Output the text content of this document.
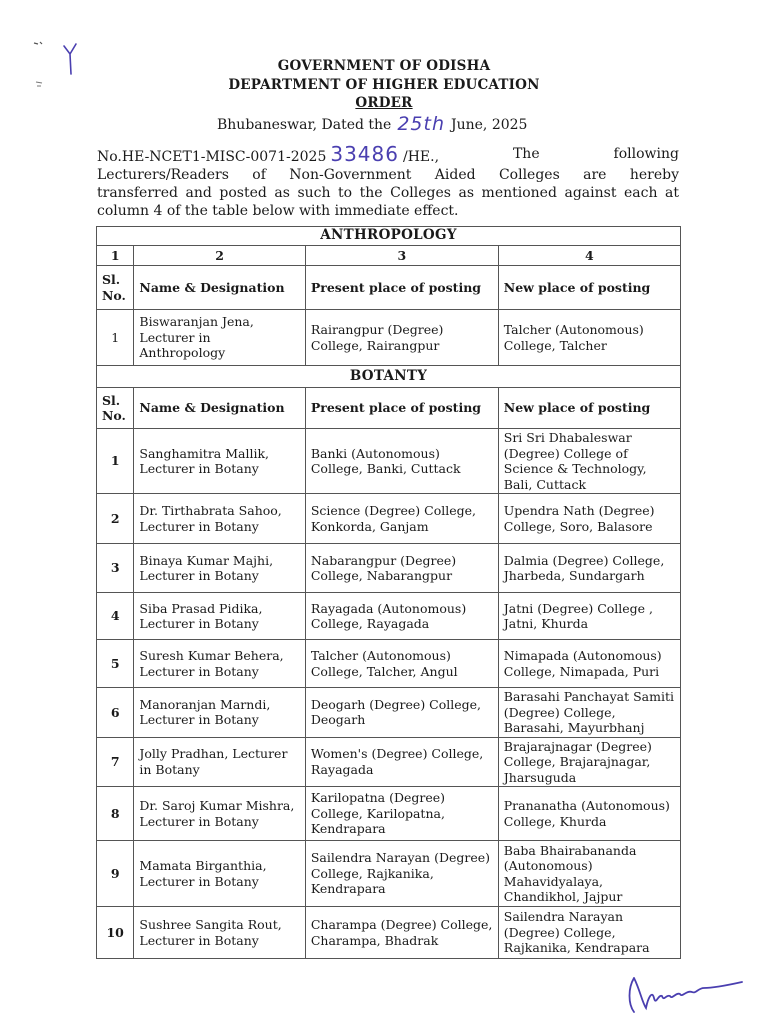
GOVERNMENT OF ODISHA
DEPARTMENT OF HIGHER EDUCATION
ORDER
Bhubaneswar, Dated the 25th June, 2025
No.HE-NCET1-MISC-0071-2025 33486 /HE.,	The	following
Lecturers/Readers of Non-Government Aided Colleges are hereby
transferred and posted as such to the Colleges as mentioned against each at
column 4 of the table below with immediate effect.
ANTHROPOLOGY			
1	2	3	4
Sl. No.	Name & Designation	Present place of posting	New place of posting
1	Biswaranjan Jena, Lecturer in Anthropology	Rairangpur (Degree) College, Rairangpur	Talcher (Autonomous) College, Talcher
BOTANTY			
Sl. No.	Name & Designation	Present place of posting	New place of posting
1	Sanghamitra Mallik, Lecturer in Botany	Banki (Autonomous) College, Banki, Cuttack	Sri Sri Dhabaleswar (Degree) College of Science & Technology, Bali, Cuttack
2	Dr. Tirthabrata Sahoo, Lecturer in Botany	Science (Degree) College, Konkorda, Ganjam	Upendra Nath (Degree) College, Soro, Balasore
3	Binaya Kumar Majhi, Lecturer in Botany	Nabarangpur (Degree) College, Nabarangpur	Dalmia (Degree) College, Jharbeda, Sundargarh
4	Siba Prasad Pidika, Lecturer in Botany	Rayagada (Autonomous) College, Rayagada	Jatni (Degree) College , Jatni, Khurda
5	Suresh Kumar Behera, Lecturer in Botany	Talcher (Autonomous) College, Talcher, Angul	Nimapada (Autonomous) College, Nimapada, Puri
6	Manoranjan Marndi, Lecturer in Botany	Deogarh (Degree) College, Deogarh	Barasahi Panchayat Samiti (Degree) College, Barasahi, Mayurbhanj
7	Jolly Pradhan, Lecturer in Botany	Women's (Degree) College, Rayagada	Brajarajnagar (Degree) College, Brajarajnagar, Jharsuguda
8	Dr. Saroj Kumar Mishra, Lecturer in Botany	Karilopatna (Degree) College, Karilopatna, Kendrapara	Prananatha (Autonomous) College, Khurda
9	Mamata Birganthia, Lecturer in Botany	Sailendra Narayan (Degree) College, Rajkanika, Kendrapara	Baba Bhairabananda (Autonomous) Mahavidyalaya, Chandikhol, Jajpur
10	Sushree Sangita Rout, Lecturer in Botany	Charampa (Degree) College, Charampa, Bhadrak	Sailendra Narayan (Degree) College, Rajkanika, Kendrapara
